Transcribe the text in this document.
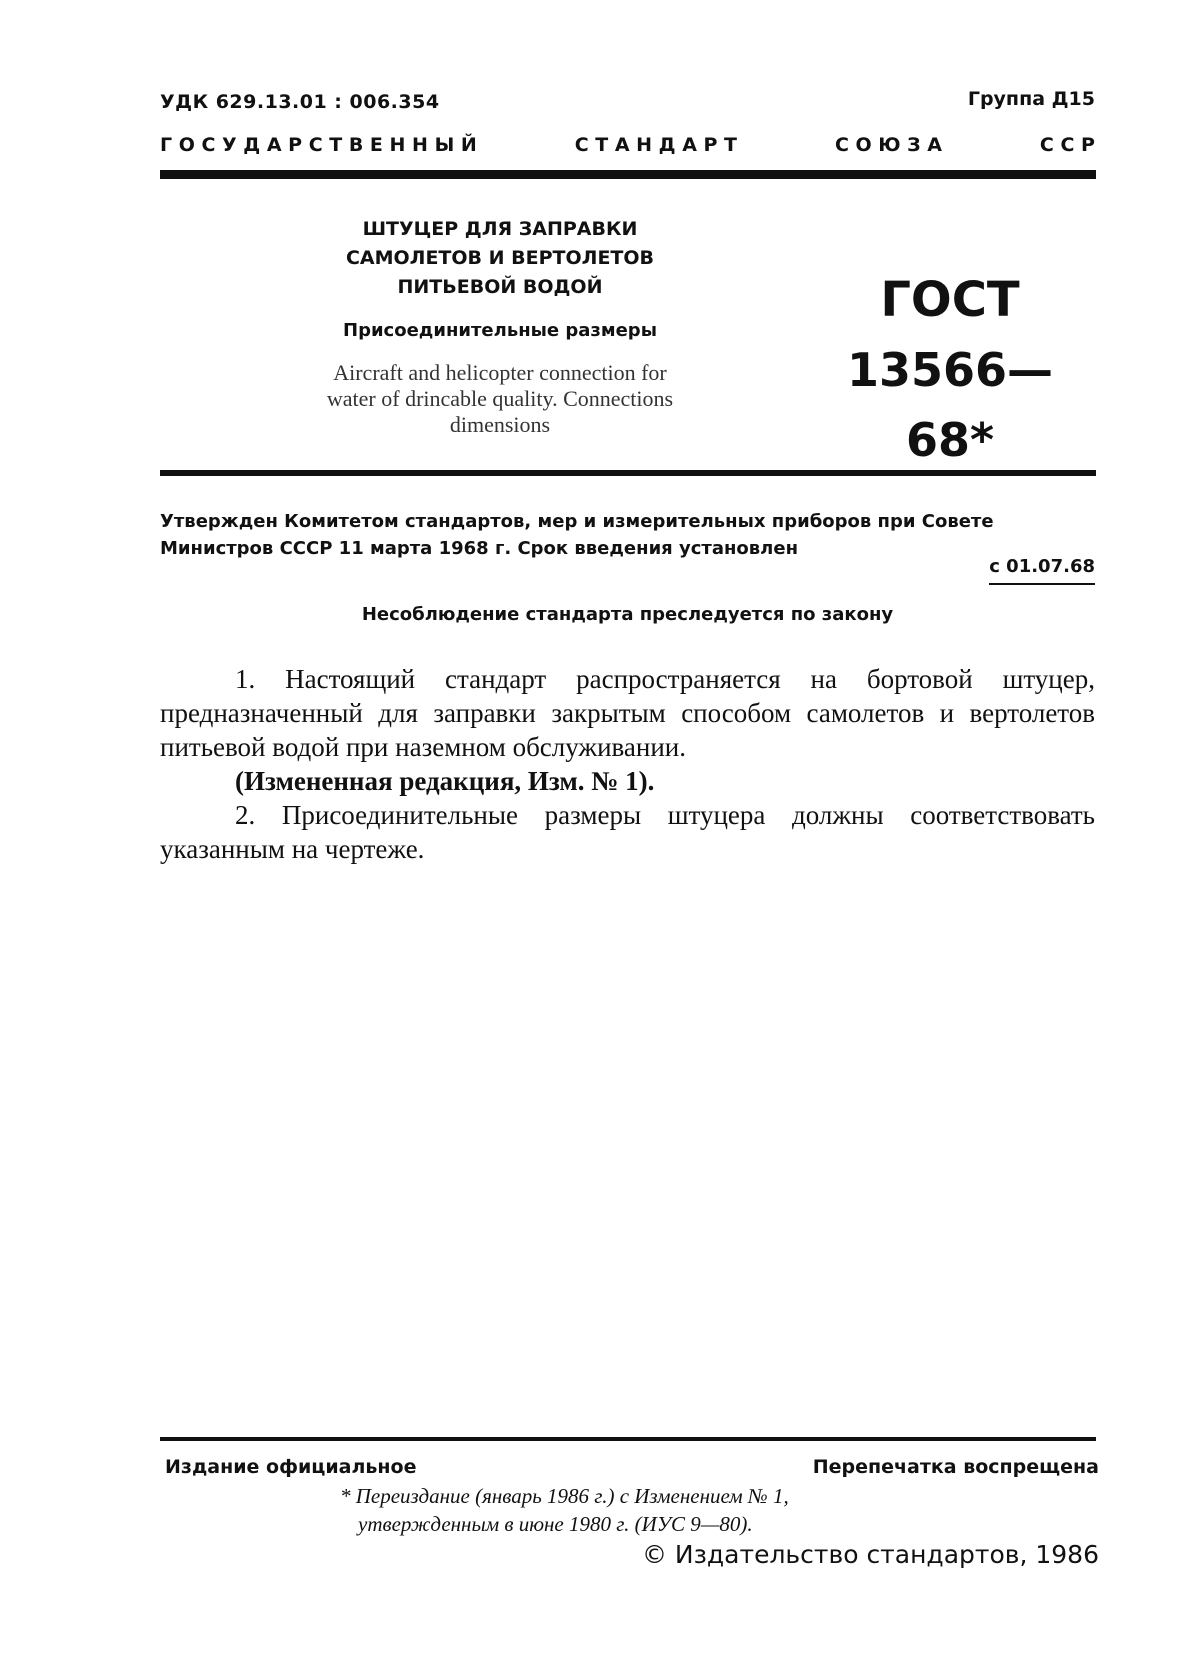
УДК 629.13.01 : 006.354	Группа Д15
Г О С У Д А Р С Т В Е Н Н Ы Й	С Т А Н Д А Р Т	С О Ю З А	С С Р
ШТУЦЕР ДЛЯ ЗАПРАВКИ
САМОЛЕТОВ И ВЕРТОЛЕТОВ
ПИТЬЕВОЙ ВОДОЙ
Присоединительные размеры
Aircraft and helicopter connection for
water of drincable quality. Connections
dimensions
ГОСТ
13566—68*
Утвержден Комитетом стандартов, мер и измерительных приборов при Совете Министров СССР 11 марта 1968 г. Срок введения установлен
с 01.07.68
Несоблюдение стандарта преследуется по закону

1. Настоящий стандарт распространяется на бортовой штуцер, предназначенный для заправки закрытым способом самолетов и вертолетов питьевой водой при наземном обслуживании.

(Измененная редакция, Изм. № 1).

2. Присоединительные размеры штуцера должны соответствовать указанным на чертеже.

Издание официальное	Перепечатка воспрещена
* Переиздание (январь 1986 г.) с Изменением № 1,
утвержденным в июне 1980 г. (ИУС 9—80).
© Издательство стандартов, 1986
